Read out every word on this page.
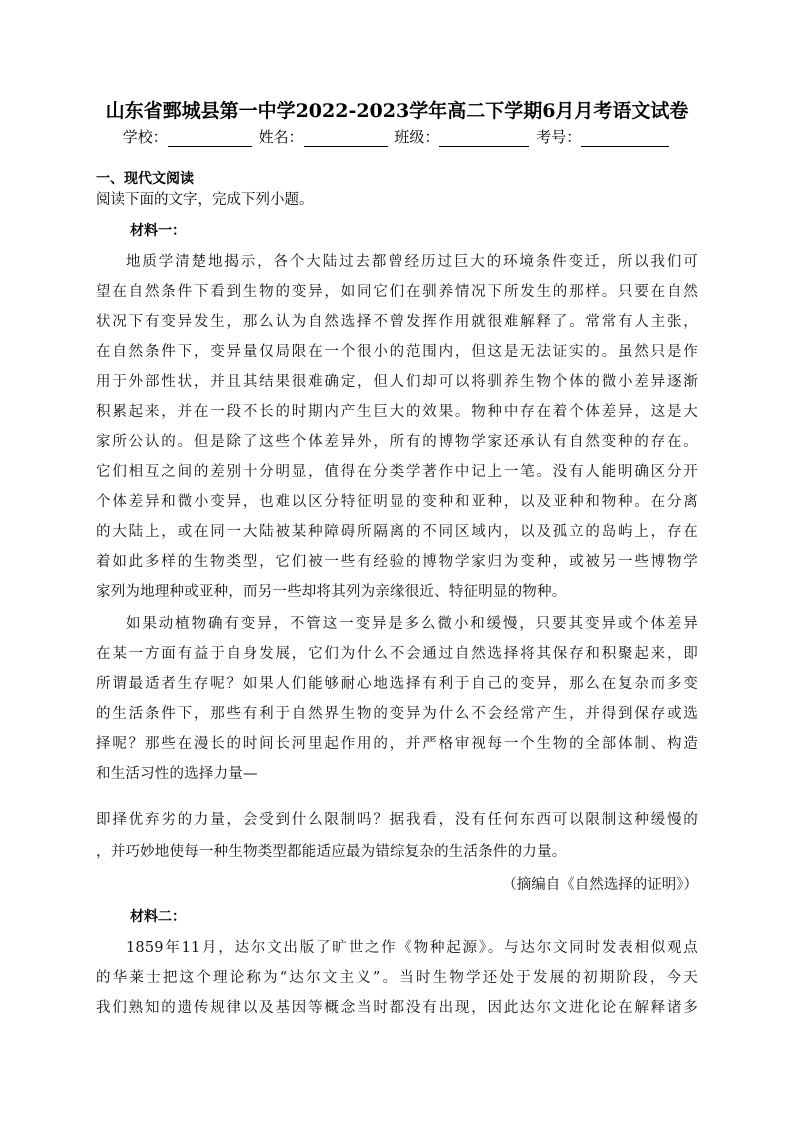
山东省鄄城县第一中学2022-2023学年高二下学期6月月考语文试卷
学校：	姓名：	班级：	考号：
一、现代文阅读
阅读下面的文字，完成下列小题。
材料一：
地质学清楚地揭示，各个大陆过去都曾经历过巨大的环境条件变迁，所以我们可
望在自然条件下看到生物的变异，如同它们在驯养情况下所发生的那样。只要在自然
状况下有变异发生，那么认为自然选择不曾发挥作用就很难解释了。常常有人主张，
在自然条件下，变异量仅局限在一个很小的范围内，但这是无法证实的。虽然只是作
用于外部性状，并且其结果很难确定，但人们却可以将驯养生物个体的微小差异逐渐
积累起来，并在一段不长的时期内产生巨大的效果。物种中存在着个体差异，这是大
家所公认的。但是除了这些个体差异外，所有的博物学家还承认有自然变种的存在。
它们相互之间的差别十分明显，值得在分类学著作中记上一笔。没有人能明确区分开
个体差异和微小变异，也难以区分特征明显的变种和亚种，以及亚种和物种。在分离
的大陆上，或在同一大陆被某种障碍所隔离的不同区域内，以及孤立的岛屿上，存在
着如此多样的生物类型，它们被一些有经验的博物学家归为变种，或被另一些博物学
家列为地理种或亚种，而另一些却将其列为亲缘很近、特征明显的物种。
如果动植物确有变异，不管这一变异是多么微小和缓慢，只要其变异或个体差异
在某一方面有益于自身发展，它们为什么不会通过自然选择将其保存和积聚起来，即
所谓最适者生存呢？如果人们能够耐心地选择有利于自己的变异，那么在复杂而多变
的生活条件下，那些有利于自然界生物的变异为什么不会经常产生，并得到保存或选
择呢？那些在漫长的时间长河里起作用的，并严格审视每一个生物的全部体制、构造
和生活习性的选择力量—
即择优弃劣的力量，会受到什么限制吗？据我看，没有任何东西可以限制这种缓慢的
，并巧妙地使每一种生物类型都能适应最为错综复杂的生活条件的力量。
（摘编自《自然选择的证明》）
材料二：
1859年11月，达尔文出版了旷世之作《物种起源》。与达尔文同时发表相似观点
的华莱士把这个理论称为“达尔文主义”。当时生物学还处于发展的初期阶段，今天
我们熟知的遗传规律以及基因等概念当时都没有出现，因此达尔文进化论在解释诸多
